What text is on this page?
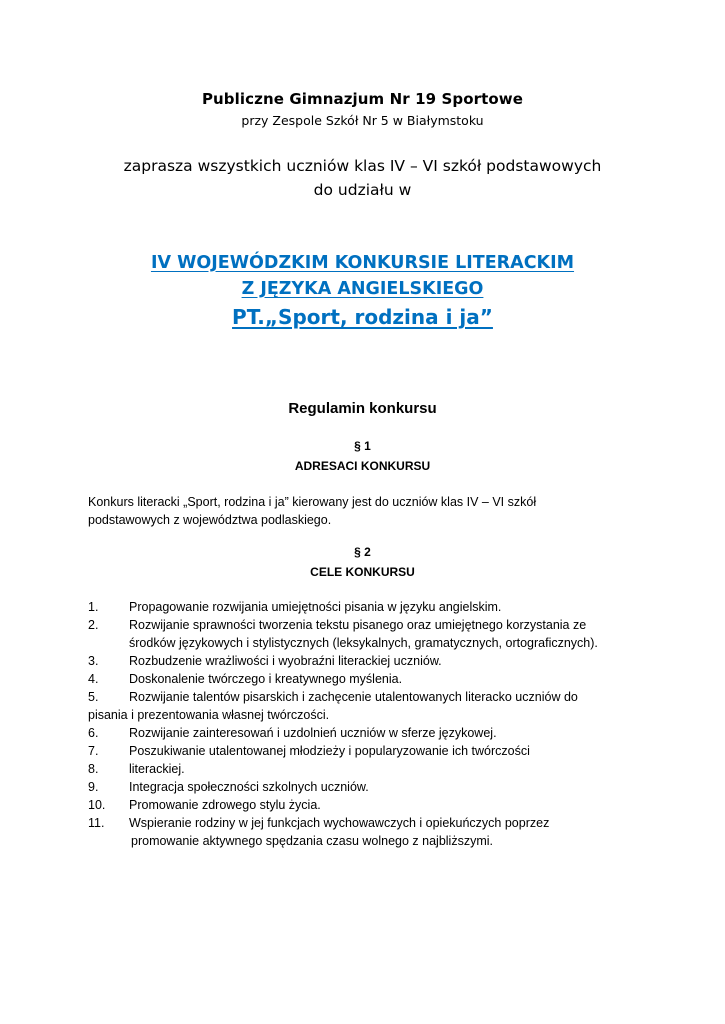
Publiczne Gimnazjum Nr 19 Sportowe
przy Zespole Szkół Nr 5 w Białymstoku
zaprasza wszystkich uczniów klas IV – VI szkół podstawowych
do udziału w
IV WOJEWÓDZKIM KONKURSIE LITERACKIM
Z JĘZYKA ANGIELSKIEGO
PT.„Sport, rodzina i ja”
Regulamin konkursu
§ 1
ADRESACI KONKURSU
Konkurs literacki „Sport, rodzina i ja” kierowany jest do uczniów klas IV – VI szkół
podstawowych z województwa podlaskiego.
§ 2
CELE KONKURSU
1. Propagowanie rozwijania umiejętności pisania w języku angielskim.
2. Rozwijanie sprawności tworzenia tekstu pisanego oraz umiejętnego korzystania ze
środków językowych i stylistycznych (leksykalnych, gramatycznych, ortograficznych).
3. Rozbudzenie wrażliwości i wyobraźni literackiej uczniów.
4. Doskonalenie twórczego i kreatywnego myślenia.
5. Rozwijanie talentów pisarskich i zachęcenie utalentowanych literacko uczniów do
pisania i prezentowania własnej twórczości.
6. Rozwijanie zainteresowań i uzdolnień uczniów w sferze językowej.
7. Poszukiwanie utalentowanej młodzieży i popularyzowanie ich twórczości
8. literackiej.
9. Integracja społeczności szkolnych uczniów.
10. Promowanie zdrowego stylu życia.
11. Wspieranie rodziny w jej funkcjach wychowawczych i opiekuńczych poprzez
promowanie aktywnego spędzania czasu wolnego z najbliższymi.
